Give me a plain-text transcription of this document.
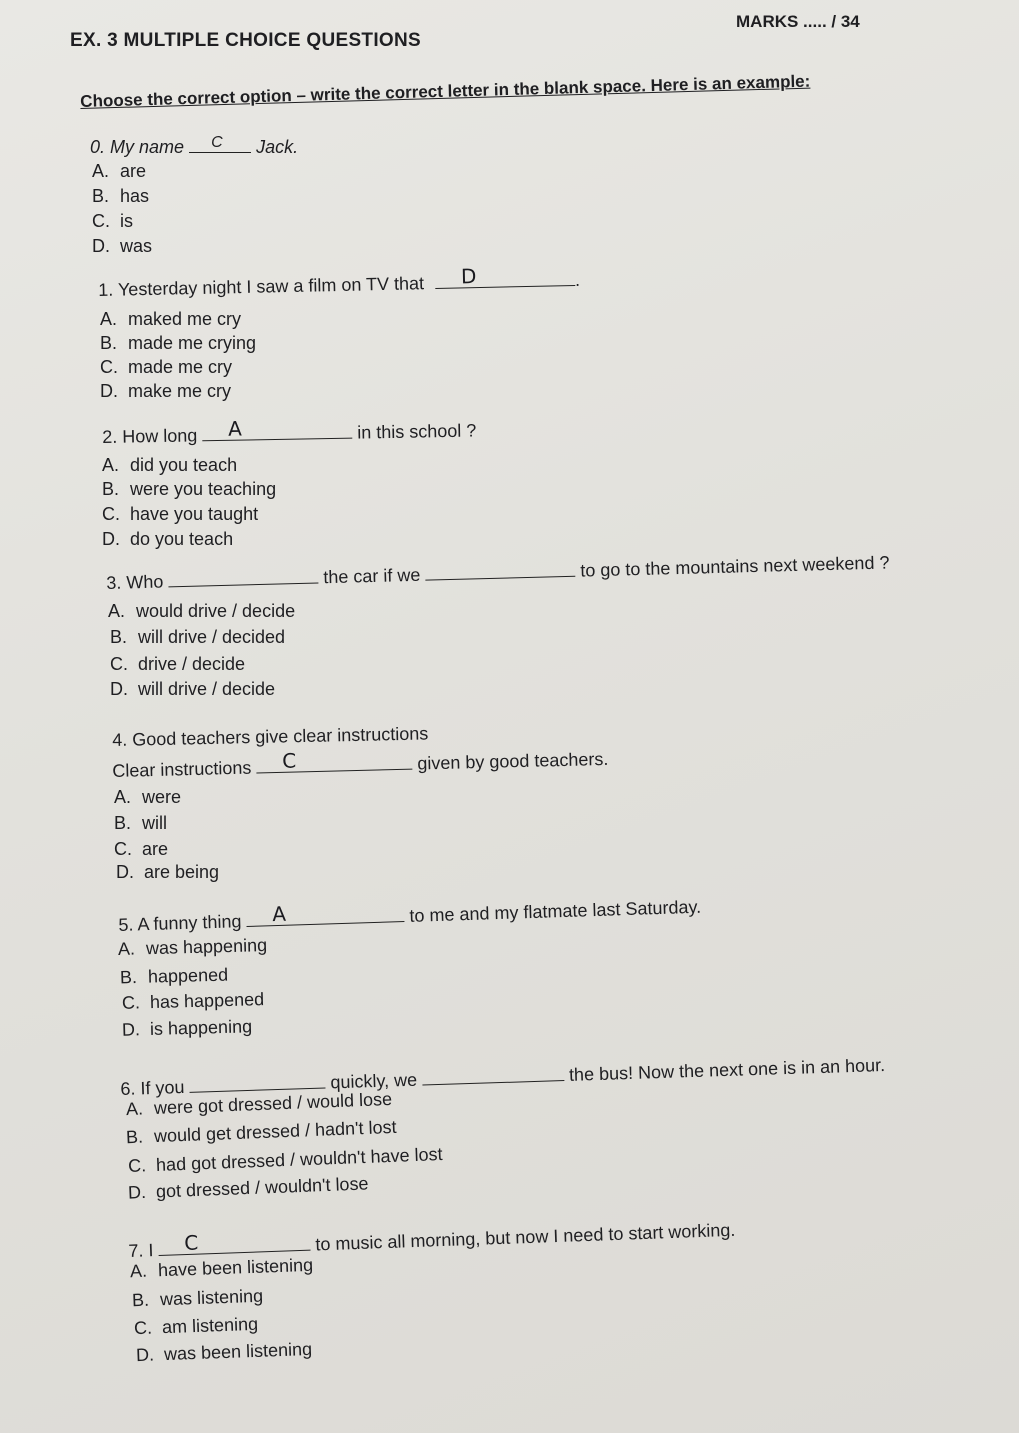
EX. 3 MULTIPLE CHOICE QUESTIONS
MARKS ..... / 34
Choose the correct option – write the correct letter in the blank space. Here is an example:
0. My name C Jack.
A. are
B. has
C. is
D. was
1. Yesterday night I saw a film on TV that D	.
A. maked me cry
B. made me crying
C. made me cry
D. make me cry
2. How long A	in this school ?
A. did you teach
B. were you teaching
C. have you taught
D. do you teach
3. Who	the car if we	to go to the mountains next weekend ?
A. would drive / decide
B. will drive / decided
C. drive / decide
D. will drive / decide
4. Good teachers give clear instructions
Clear instructions C	given by good teachers.
A. were
B. will
C. are
D. are being
5. A funny thing A	to me and my flatmate last Saturday.
A. was happening
B. happened
C. has happened
D. is happening
6. If you	quickly, we	the bus! Now the next one is in an hour.
A. were got dressed / would lose
B. would get dressed / hadn't lost
C. had got dressed / wouldn't have lost
D. got dressed / wouldn't lose
7. I C	to music all morning, but now I need to start working.
A. have been listening
B. was listening
C. am listening
D. was been listening
